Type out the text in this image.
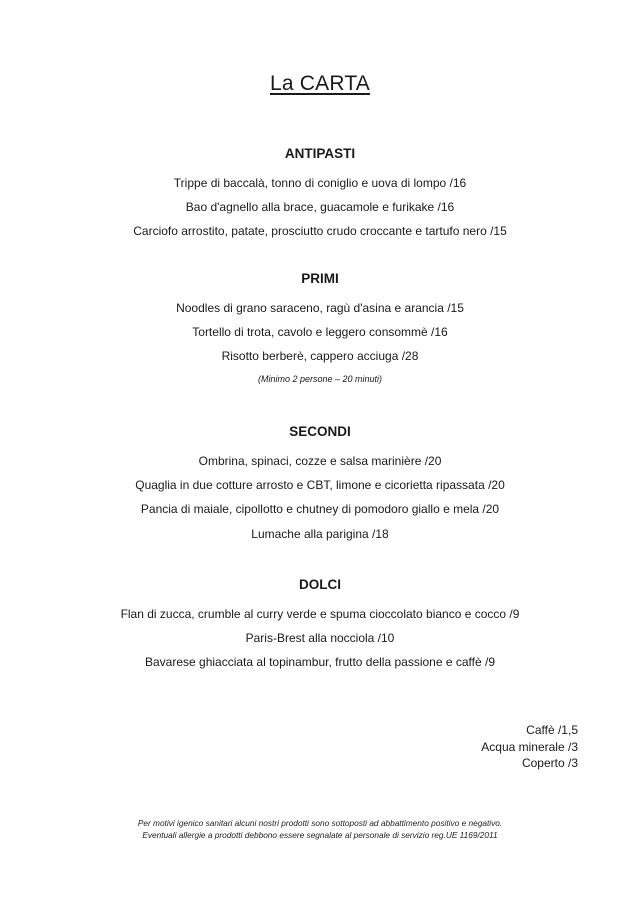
La CARTA
ANTIPASTI
Trippe di baccalà, tonno di coniglio e uova di lompo /16
Bao d'agnello alla brace, guacamole e furikake /16
Carciofo arrostito, patate, prosciutto crudo croccante e tartufo nero /15
PRIMI
Noodles di grano saraceno, ragù d'asina e arancia /15
Tortello di trota, cavolo e leggero consommè /16
Risotto berberè, cappero acciuga /28
(Minimo 2 persone – 20 minuti)
SECONDI
Ombrina, spinaci, cozze e salsa marinière /20
Quaglia in due cotture arrosto e CBT, limone e cicorietta ripassata /20
Pancia di maiale, cipollotto e chutney di pomodoro giallo e mela /20
Lumache alla parigina /18
DOLCI
Flan di zucca, crumble al curry verde e spuma cioccolato bianco e cocco /9
Paris-Brest alla nocciola /10
Bavarese ghiacciata al topinambur, frutto della passione e caffè /9
Caffè /1,5
Acqua minerale /3
Coperto /3
Per motivi igenico sanitari alcuni nostri prodotti sono sottoposti ad abbattimento positivo e negativo.
Eventuali allergie a prodotti debbono essere segnalate al personale di servizio reg.UE 1169/2011
